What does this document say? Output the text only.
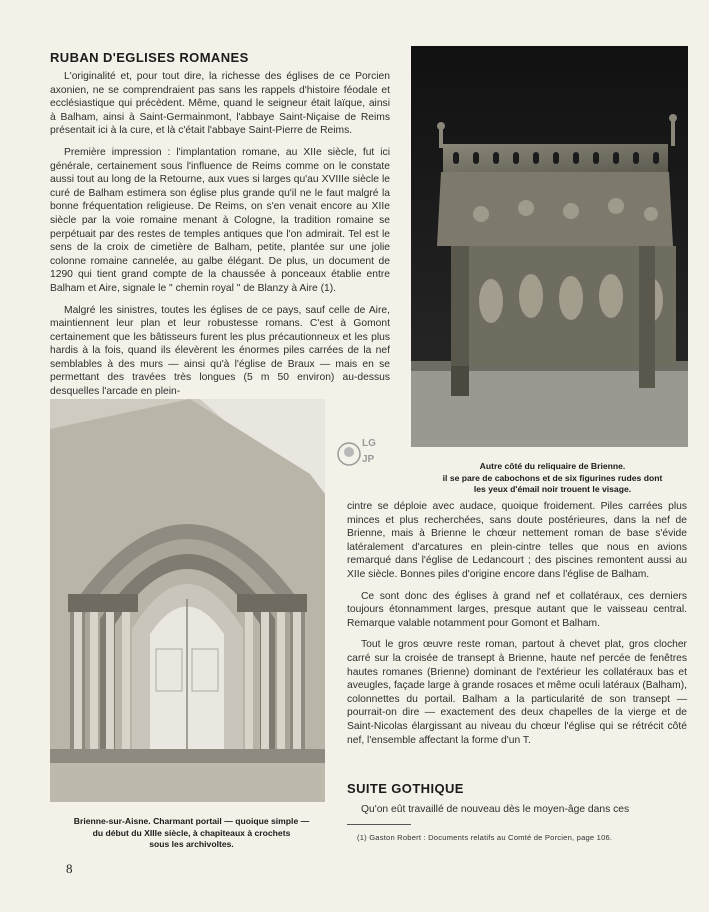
RUBAN D'EGLISES ROMANES

L'originalité et, pour tout dire, la richesse des églises de ce Porcien axonien, ne se comprendraient pas sans les rappels d'histoire féodale et ecclésiastique qui précèdent. Même, quand le seigneur était laïque, ainsi à Balham, ainsi à Saint-Germainmont, l'abbaye Saint-Niçaise de Reims présentait ici à la cure, et là c'était l'abbaye Saint-Pierre de Reims.

Première impression : l'implantation romane, au XIIe siècle, fut ici générale, certainement sous l'influence de Reims comme on le constate aussi tout au long de la Retourne, aux vues si larges qu'au XVIIIe siècle le curé de Balham estimera son église plus grande qu'il ne le faut malgré la bonne fréquentation religieuse. De Reims, on s'en venait encore au XIIe siècle par la voie romaine menant à Cologne, la tradition romaine se perpétuait par des restes de temples antiques que l'on admirait. Tel est le sens de la croix de cimetière de Balham, petite, plantée sur une jolie colonne romaine cannelée, au galbe élégant. De plus, un document de 1290 qui tient grand compte de la chaussée à ponceaux établie entre Balham et Aire, signale le " chemin royal " de Blanzy à Aire (1).

Malgré les sinistres, toutes les églises de ce pays, sauf celle de Aire, maintiennent leur plan et leur robustesse romans. C'est à Gomont certainement que les bâtisseurs furent les plus précautionneux et les plus hardis à la fois, quand ils élevèrent les énormes piles carrées de la nef semblables à des murs — ainsi qu'à l'église de Braux — mais en se permettant des travées très longues (5 m 50 environ) au-dessus desquelles l'arcade en plein-

Autre côté du reliquaire de Brienne.
il se pare de cabochons et de six figurines rudes dont
les yeux d'émail noir trouent le visage.
LG
JP
Brienne-sur-Aisne. Charmant portail — quoique simple —
du début du XIIIe siècle, à chapiteaux à crochets
sous les archivoltes.

cintre se déploie avec audace, quoique froidement. Piles carrées plus minces et plus recherchées, sans doute postérieures, dans la nef de Brienne, mais à Brienne le chœur nettement roman de base s'évide latéralement d'arcatures en plein-cintre telles que nous en avions remarqué dans l'église de Ledancourt ; des piscines remontent aussi au XIIe siècle. Bonnes piles d'origine encore dans l'église de Balham.

Ce sont donc des églises à grand nef et collatéraux, ces derniers toujours étonnamment larges, presque autant que le vaisseau central. Remarque valable notamment pour Gomont et Balham.

Tout le gros œuvre reste roman, partout à chevet plat, gros clocher carré sur la croisée de transept à Brienne, haute nef percée de fenêtres hautes romanes (Brienne) dominant de l'extérieur les collatéraux bas et aveugles, façade large à grande rosaces et même oculi latéraux (Balham), colonnettes du portail. Balham a la particularité de son transept — pourrait-on dire — exactement des deux chapelles de la vierge et de Saint-Nicolas élargissant au niveau du chœur l'église qui se rétrécit côté nef, l'ensemble affectant la forme d'un T.

SUITE GOTHIQUE

Qu'on eût travaillé de nouveau dès le moyen-âge dans ces

(1) Gaston Robert : Documents relatifs au Comté de Porcien, page 106.
8
